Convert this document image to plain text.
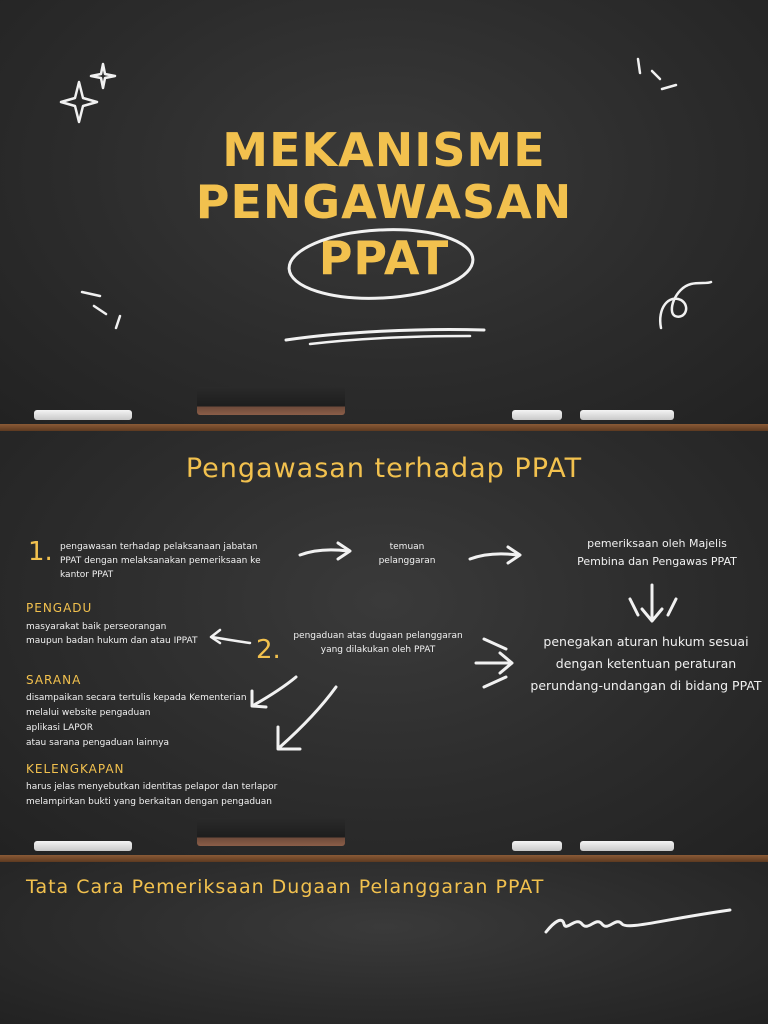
MEKANISME
PENGAWASAN
PPAT
Pengawasan terhadap PPAT
1. pengawasan terhadap pelaksanaan jabatan PPAT dengan melaksanakan pemeriksaan ke kantor PPAT
temuan pelanggaran
pemeriksaan oleh Majelis Pembina dan Pengawas PPAT
penegakan aturan hukum sesuai dengan ketentuan peraturan perundang-undangan di bidang PPAT
pengaduan atas dugaan pelanggaran yang dilakukan oleh PPAT
2.
PENGADU
masyarakat baik perseorangan maupun badan hukum dan atau IPPAT
SARANA
disampaikan secara tertulis kepada Kementerian
melalui website pengaduan
aplikasi LAPOR
atau sarana pengaduan lainnya
KELENGKAPAN
harus jelas menyebutkan identitas pelapor dan terlapor
melampirkan bukti yang berkaitan dengan pengaduan
Tata Cara Pemeriksaan Dugaan Pelanggaran PPAT
